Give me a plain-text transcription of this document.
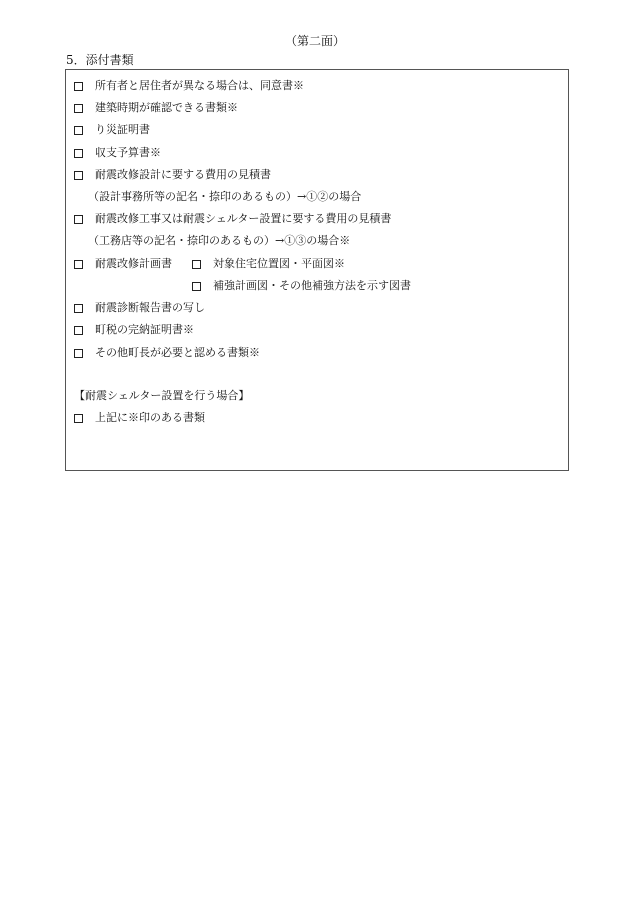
（第二面）
5．添付書類
所有者と居住者が異なる場合は、同意書※
建築時期が確認できる書類※
り災証明書
収支予算書※
耐震改修設計に要する費用の見積書
（設計事務所等の記名・捺印のあるもの）→①②の場合
耐震改修工事又は耐震シェルター設置に要する費用の見積書
（工務店等の記名・捺印のあるもの）→①③の場合※
耐震改修計画書	対象住宅位置図・平面図※
補強計画図・その他補強方法を示す図書
耐震診断報告書の写し
町税の完納証明書※
その他町長が必要と認める書類※
【耐震シェルター設置を行う場合】
上記に※印のある書類
